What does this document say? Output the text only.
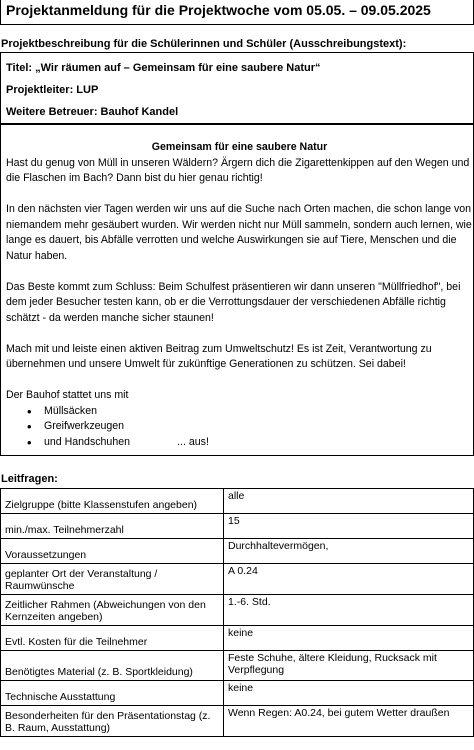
Projektanmeldung für die Projektwoche vom 05.05. – 09.05.2025
Projektbeschreibung für die Schülerinnen und Schüler (Ausschreibungstext):
Titel: „Wir räumen auf – Gemeinsam für eine saubere Natur“
Projektleiter: LUP
Weitere Betreuer: Bauhof Kandel

Gemeinsam für eine saubere Natur

Hast du genug von Müll in unseren Wäldern? Ärgern dich die Zigarettenkippen auf den Wegen und die Flaschen im Bach? Dann bist du hier genau richtig!

In den nächsten vier Tagen werden wir uns auf die Suche nach Orten machen, die schon lange von niemandem mehr gesäubert wurden. Wir werden nicht nur Müll sammeln, sondern auch lernen, wie lange es dauert, bis Abfälle verrotten und welche Auswirkungen sie auf Tiere, Menschen und die Natur haben.

Das Beste kommt zum Schluss: Beim Schulfest präsentieren wir dann unseren "Müllfriedhof", bei dem jeder Besucher testen kann, ob er die Verrottungsdauer der verschiedenen Abfälle richtig schätzt - da werden manche sicher staunen!

Mach mit und leiste einen aktiven Beitrag zum Umweltschutz! Es ist Zeit, Verantwortung zu übernehmen und unsere Umwelt für zukünftige Generationen zu schützen. Sei dabei!

Der Bauhof stattet uns mit

• Müllsäcken
• Greifwerkzeugen
• und Handschuhen                ... aus!
Leitfragen:
Zielgruppe (bitte Klassenstufen angeben)	alle
min./max. Teilnehmerzahl	15
Voraussetzungen	Durchhaltevermögen,
geplanter Ort der Veranstaltung / Raumwünsche	A 0.24
Zeitlicher Rahmen (Abweichungen von den Kernzeiten angeben)	1.-6. Std.
Evtl. Kosten für die Teilnehmer	keine
Benötigtes Material (z. B. Sportkleidung)	Feste Schuhe, ältere Kleidung, Rucksack mit Verpflegung
Technische Ausstattung	keine
Besonderheiten für den Präsentationstag (z. B. Raum, Ausstattung)	Wenn Regen: A0.24, bei gutem Wetter draußen
